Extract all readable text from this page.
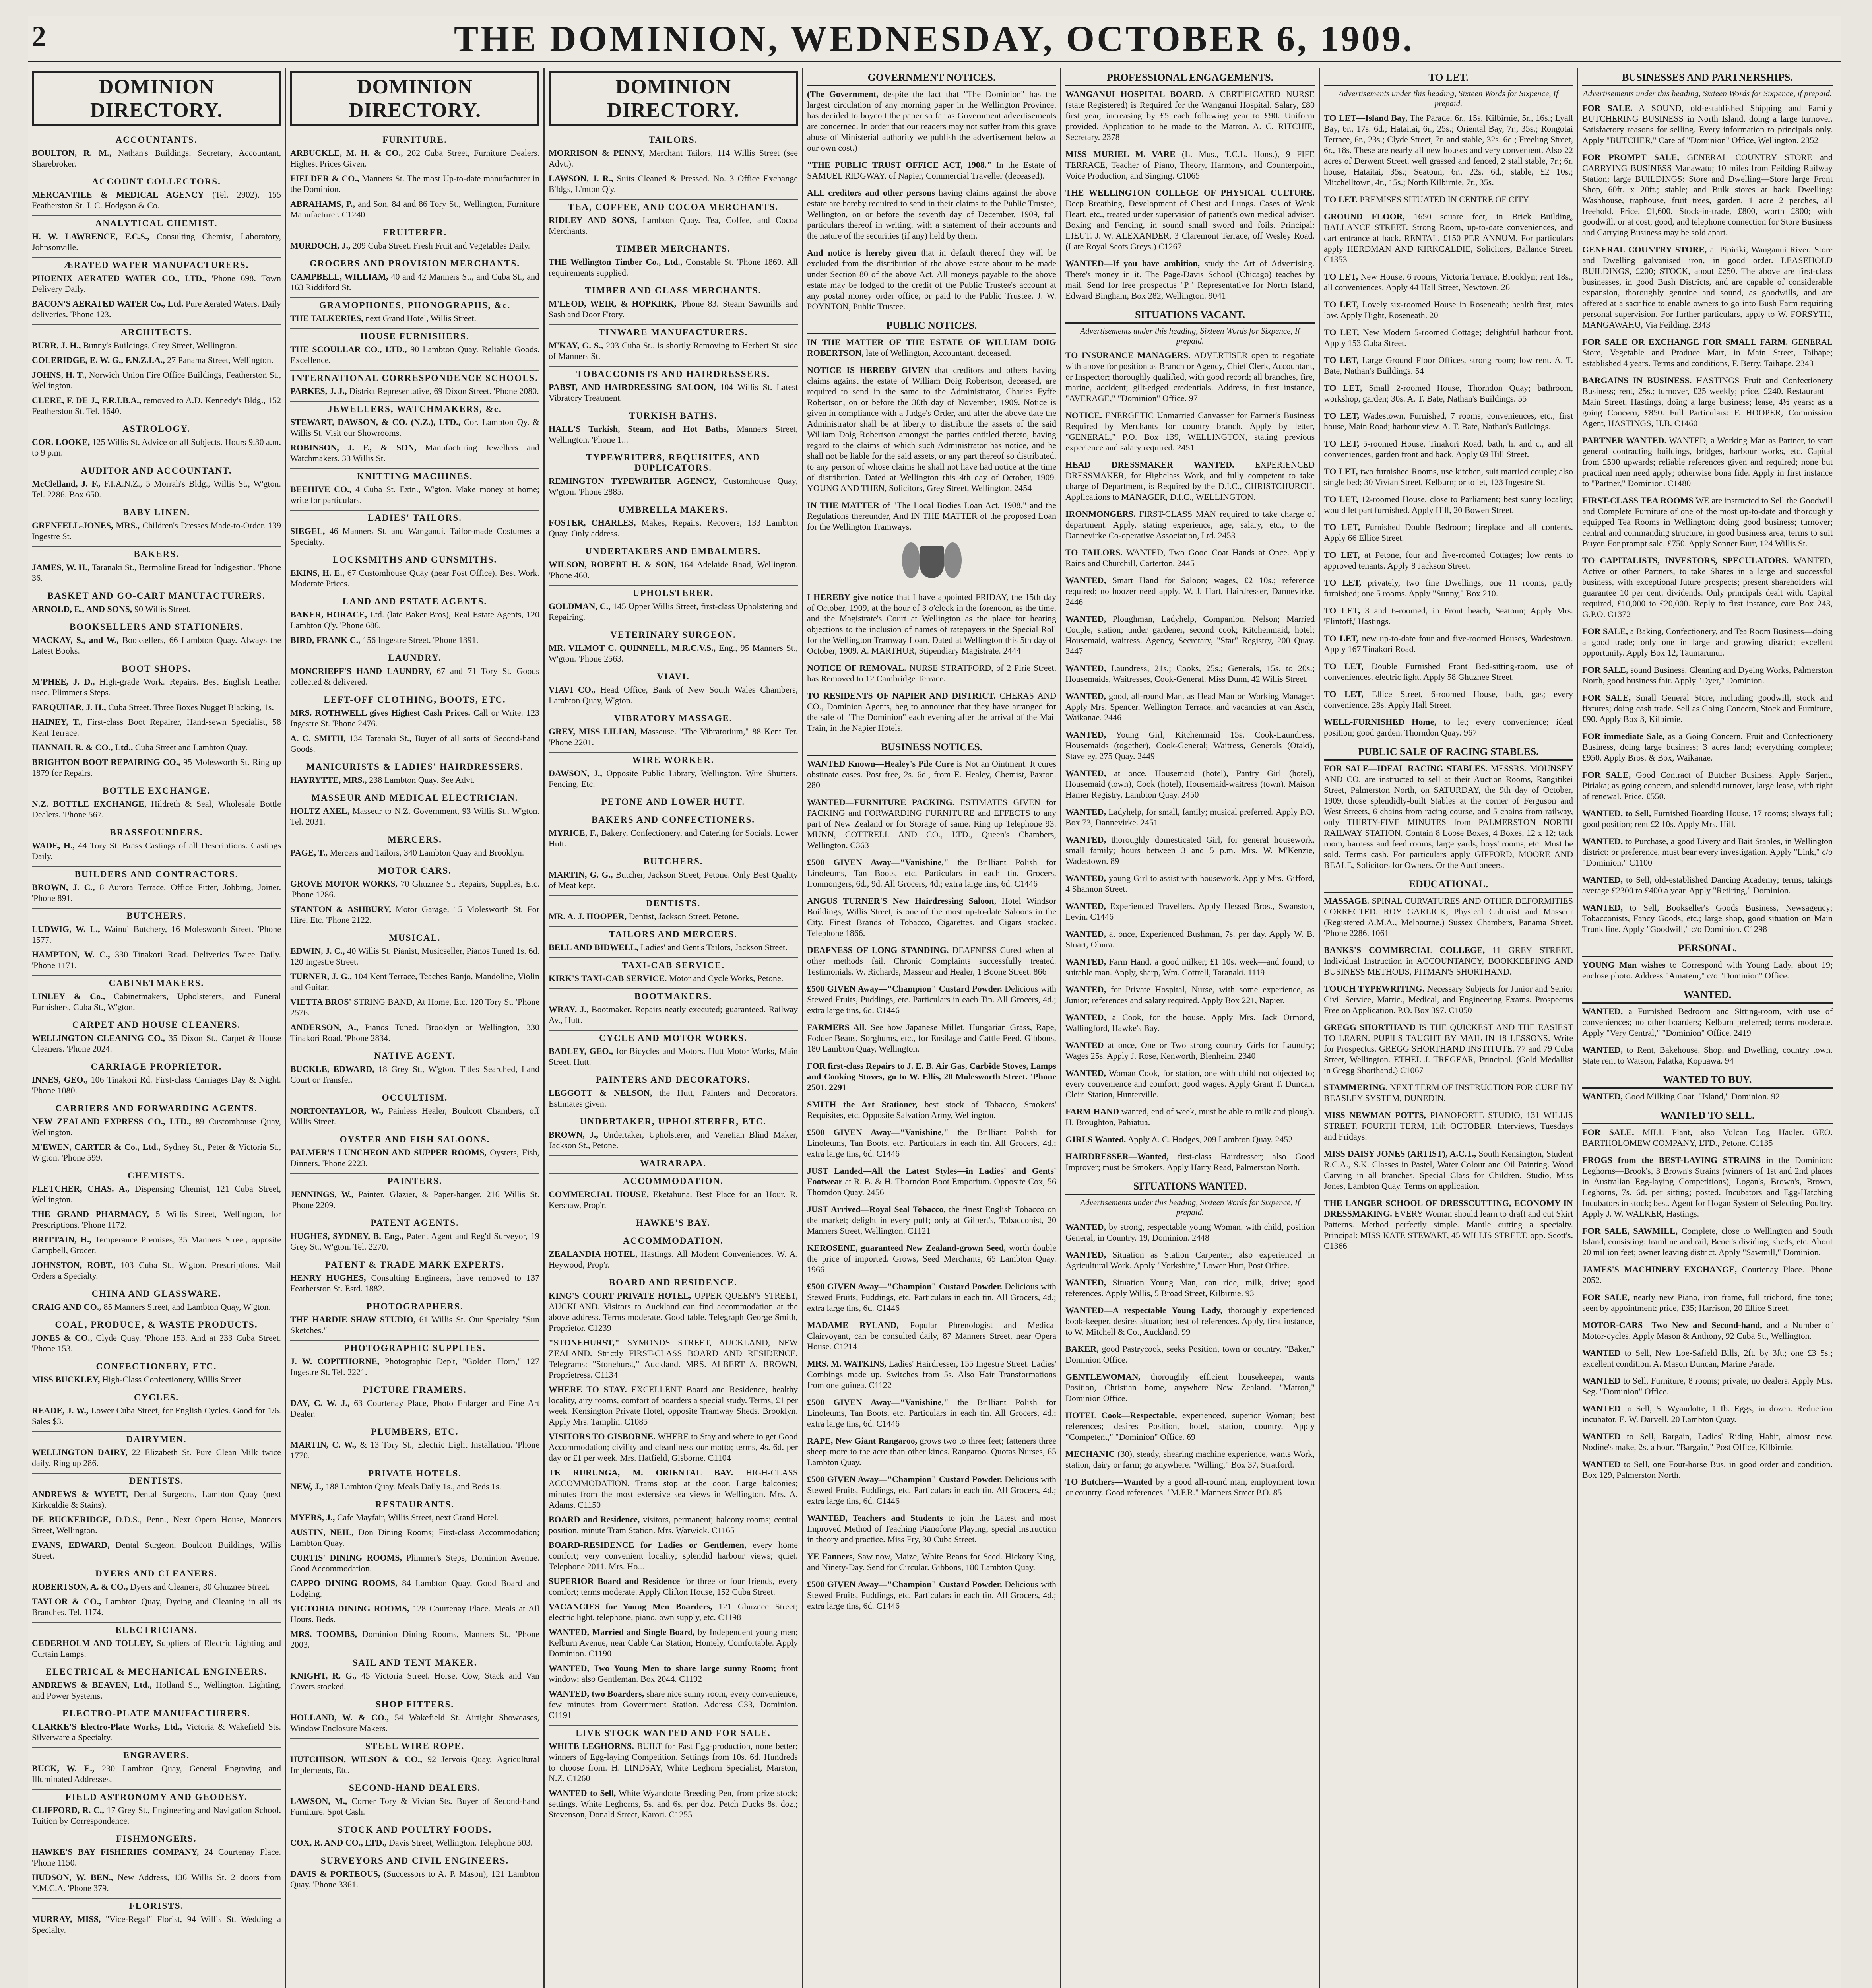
2	THE DOMINION, WEDNESDAY, OCTOBER 6, 1909.
DOMINION DIRECTORY.
ACCOUNTANTS.
BOULTON, R. M., Nathan's Buildings, Secretary, Accountant, Sharebroker.
ACCOUNT COLLECTORS.
MERCANTILE & MEDICAL AGENCY (Tel. 2902), 155 Featherston St. J. C. Hodgson & Co.
ANALYTICAL CHEMIST.
H. W. LAWRENCE, F.C.S., Consulting Chemist, Laboratory, Johnsonville.
ÆRATED WATER MANUFACTURERS.
PHOENIX AERATED WATER CO., LTD., 'Phone 698. Town Delivery Daily.
BACON'S AERATED WATER Co., Ltd. Pure Aerated Waters. Daily deliveries. 'Phone 123.
ARCHITECTS.
BURR, J. H., Bunny's Buildings, Grey Street, Wellington.
COLERIDGE, E. W. G., F.N.Z.I.A., 27 Panama Street, Wellington.
JOHNS, H. T., Norwich Union Fire Office Buildings, Featherston St., Wellington.
CLERE, F. DE J., F.R.I.B.A., removed to A.D. Kennedy's Bldg., 152 Featherston St. Tel. 1640.
ASTROLOGY.
COR. LOOKE, 125 Willis St. Advice on all Subjects. Hours 9.30 a.m. to 9 p.m.
AUDITOR AND ACCOUNTANT.
McClelland, J. F., F.I.A.N.Z., 5 Morrah's Bldg., Willis St., W'gton. Tel. 2286. Box 650.
BABY LINEN.
GRENFELL-JONES, MRS., Children's Dresses Made-to-Order. 139 Ingestre St.
BAKERS.
JAMES, W. H., Taranaki St., Bermaline Bread for Indigestion. 'Phone 36.
BASKET AND GO-CART MANUFACTURERS.
ARNOLD, E., AND SONS, 90 Willis Street.
BOOKSELLERS AND STATIONERS.
MACKAY, S., and W., Booksellers, 66 Lambton Quay. Always the Latest Books.
BOOT SHOPS.
M'PHEE, J. D., High-grade Work. Repairs. Best English Leather used. Plimmer's Steps.
FARQUHAR, J. H., Cuba Street. Three Boxes Nugget Blacking, 1s.
HAINEY, T., First-class Boot Repairer, Hand-sewn Specialist, 58 Kent Terrace.
HANNAH, R. & CO., Ltd., Cuba Street and Lambton Quay.
BRIGHTON BOOT REPAIRING CO., 95 Molesworth St. Ring up 1879 for Repairs.
BOTTLE EXCHANGE.
N.Z. BOTTLE EXCHANGE, Hildreth & Seal, Wholesale Bottle Dealers. 'Phone 567.
BRASSFOUNDERS.
WADE, H., 44 Tory St. Brass Castings of all Descriptions. Castings Daily.
BUILDERS AND CONTRACTORS.
BROWN, J. C., 8 Aurora Terrace. Office Fitter, Jobbing, Joiner. 'Phone 891.
BUTCHERS.
LUDWIG, W. L., Wainui Butchery, 16 Molesworth Street. 'Phone 1577.
HAMPTON, W. C., 330 Tinakori Road. Deliveries Twice Daily. 'Phone 1171.
CABINETMAKERS.
LINLEY & Co., Cabinetmakers, Upholsterers, and Funeral Furnishers, Cuba St., W'gton.
CARPET AND HOUSE CLEANERS.
WELLINGTON CLEANING CO., 35 Dixon St., Carpet & House Cleaners. 'Phone 2024.
CARRIAGE PROPRIETOR.
INNES, GEO., 106 Tinakori Rd. First-class Carriages Day & Night. 'Phone 1080.
CARRIERS AND FORWARDING AGENTS.
NEW ZEALAND EXPRESS CO., LTD., 89 Customhouse Quay, Wellington.
M'EWEN, CARTER & Co., Ltd., Sydney St., Peter & Victoria St., W'gton. 'Phone 599.
CHEMISTS.
FLETCHER, CHAS. A., Dispensing Chemist, 121 Cuba Street, Wellington.
THE GRAND PHARMACY, 5 Willis Street, Wellington, for Prescriptions. 'Phone 1172.
BRITTAIN, H., Temperance Premises, 35 Manners Street, opposite Campbell, Grocer.
JOHNSTON, ROBT., 103 Cuba St., W'gton. Prescriptions. Mail Orders a Specialty.
CHINA AND GLASSWARE.
CRAIG AND CO., 85 Manners Street, and Lambton Quay, W'gton.
COAL, PRODUCE, & WASTE PRODUCTS.
JONES & CO., Clyde Quay. 'Phone 153. And at 233 Cuba Street. 'Phone 153.
CONFECTIONERY, ETC.
MISS BUCKLEY, High-Class Confectionery, Willis Street.
CYCLES.
READE, J. W., Lower Cuba Street, for English Cycles. Good for 1/6. Sales $3.
DAIRYMEN.
WELLINGTON DAIRY, 22 Elizabeth St. Pure Clean Milk twice daily. Ring up 286.
DENTISTS.
ANDREWS & WYETT, Dental Surgeons, Lambton Quay (next Kirkcaldie & Stains).
DE BUCKERIDGE, D.D.S., Penn., Next Opera House, Manners Street, Wellington.
EVANS, EDWARD, Dental Surgeon, Boulcott Buildings, Willis Street.
DYERS AND CLEANERS.
ROBERTSON, A. & CO., Dyers and Cleaners, 30 Ghuznee Street.
TAYLOR & CO., Lambton Quay, Dyeing and Cleaning in all its Branches. Tel. 1174.
ELECTRICIANS.
CEDERHOLM AND TOLLEY, Suppliers of Electric Lighting and Curtain Lamps.
ELECTRICAL & MECHANICAL ENGINEERS.
ANDREWS & BEAVEN, Ltd., Holland St., Wellington. Lighting, and Power Systems.
ELECTRO-PLATE MANUFACTURERS.
CLARKE'S Electro-Plate Works, Ltd., Victoria & Wakefield Sts. Silverware a Specialty.
ENGRAVERS.
BUCK, W. E., 230 Lambton Quay, General Engraving and Illuminated Addresses.
FIELD ASTRONOMY AND GEODESY.
CLIFFORD, R. C., 17 Grey St., Engineering and Navigation School. Tuition by Correspondence.
FISHMONGERS.
HAWKE'S BAY FISHERIES COMPANY, 24 Courtenay Place. 'Phone 1150.
HUDSON, W. BEN., New Address, 136 Willis St. 2 doors from Y.M.C.A. 'Phone 379.
FLORISTS.
MURRAY, MISS, "Vice-Regal" Florist, 94 Willis St. Wedding a Specialty.
DOMINION DIRECTORY.
FURNITURE.
ARBUCKLE, M. H. & CO., 202 Cuba Street, Furniture Dealers. Highest Prices Given.
FIELDER & CO., Manners St. The most Up-to-date manufacturer in the Dominion.
ABRAHAMS, P., and Son, 84 and 86 Tory St., Wellington, Furniture Manufacturer. C1240
FRUITERER.
MURDOCH, J., 209 Cuba Street. Fresh Fruit and Vegetables Daily.
GROCERS AND PROVISION MERCHANTS.
CAMPBELL, WILLIAM, 40 and 42 Manners St., and Cuba St., and 163 Riddiford St.
GRAMOPHONES, PHONOGRAPHS, &c.
THE TALKERIES, next Grand Hotel, Willis Street.
HOUSE FURNISHERS.
THE SCOULLAR CO., LTD., 90 Lambton Quay. Reliable Goods. Excellence.
INTERNATIONAL CORRESPONDENCE SCHOOLS.
PARKES, J. J., District Representative, 69 Dixon Street. 'Phone 2080.
JEWELLERS, WATCHMAKERS, &c.
STEWART, DAWSON, & CO. (N.Z.), LTD., Cor. Lambton Qy. & Willis St. Visit our Showrooms.
ROBINSON, J. F., & SON, Manufacturing Jewellers and Watchmakers. 33 Willis St.
KNITTING MACHINES.
BEEHIVE CO., 4 Cuba St. Extn., W'gton. Make money at home; write for particulars.
LADIES' TAILORS.
SIEGEL, 46 Manners St. and Wanganui. Tailor-made Costumes a Specialty.
LOCKSMITHS AND GUNSMITHS.
EKINS, H. E., 67 Customhouse Quay (near Post Office). Best Work. Moderate Prices.
LAND AND ESTATE AGENTS.
BAKER, HORACE, Ltd. (late Baker Bros), Real Estate Agents, 120 Lambton Q'y. 'Phone 686.
BIRD, FRANK C., 156 Ingestre Street. 'Phone 1391.
LAUNDRY.
MONCRIEFF'S HAND LAUNDRY, 67 and 71 Tory St. Goods collected & delivered.
LEFT-OFF CLOTHING, BOOTS, ETC.
MRS. ROTHWELL gives Highest Cash Prices. Call or Write. 123 Ingestre St. 'Phone 2476.
A. C. SMITH, 134 Taranaki St., Buyer of all sorts of Second-hand Goods.
MANICURISTS & LADIES' HAIRDRESSERS.
HAYRYTTE, MRS., 238 Lambton Quay. See Advt.
MASSEUR AND MEDICAL ELECTRICIAN.
HOLTZ AXEL, Masseur to N.Z. Government, 93 Willis St., W'gton. Tel. 2031.
MERCERS.
PAGE, T., Mercers and Tailors, 340 Lambton Quay and Brooklyn.
MOTOR CARS.
GROVE MOTOR WORKS, 70 Ghuznee St. Repairs, Supplies, Etc. 'Phone 1286.
STANTON & ASHBURY, Motor Garage, 15 Molesworth St. For Hire, Etc. 'Phone 2122.
MUSICAL.
EDWIN, J. C., 40 Willis St. Pianist, Musicseller, Pianos Tuned 1s. 6d. 120 Ingestre Street.
TURNER, J. G., 104 Kent Terrace, Teaches Banjo, Mandoline, Violin and Guitar.
VIETTA BROS' STRING BAND, At Home, Etc. 120 Tory St. 'Phone 2576.
ANDERSON, A., Pianos Tuned. Brooklyn or Wellington, 330 Tinakori Road. 'Phone 2834.
NATIVE AGENT.
BUCKLE, EDWARD, 18 Grey St., W'gton. Titles Searched, Land Court or Transfer.
OCCULTISM.
NORTONTAYLOR, W., Painless Healer, Boulcott Chambers, off Willis Street.
OYSTER AND FISH SALOONS.
PALMER'S LUNCHEON AND SUPPER ROOMS, Oysters, Fish, Dinners. 'Phone 2223.
PAINTERS.
JENNINGS, W., Painter, Glazier, & Paper-hanger, 216 Willis St. 'Phone 2209.
PATENT AGENTS.
HUGHES, SYDNEY, B. Eng., Patent Agent and Reg'd Surveyor, 19 Grey St., W'gton. Tel. 2270.
PATENT & TRADE MARK EXPERTS.
HENRY HUGHES, Consulting Engineers, have removed to 137 Featherston St. Estd. 1882.
PHOTOGRAPHERS.
THE HARDIE SHAW STUDIO, 61 Willis St. Our Specialty "Sun Sketches."
PHOTOGRAPHIC SUPPLIES.
J. W. COPITHORNE, Photographic Dep't, "Golden Horn," 127 Ingestre St. Tel. 2221.
PICTURE FRAMERS.
DAY, C. W. J., 63 Courtenay Place, Photo Enlarger and Fine Art Dealer.
PLUMBERS, ETC.
MARTIN, C. W., & 13 Tory St., Electric Light Installation. 'Phone 1770.
PRIVATE HOTELS.
NEW, J., 188 Lambton Quay. Meals Daily 1s., and Beds 1s.
RESTAURANTS.
MYERS, J., Cafe Mayfair, Willis Street, next Grand Hotel.
AUSTIN, NEIL, Don Dining Rooms; First-class Accommodation; Lambton Quay.
CURTIS' DINING ROOMS, Plimmer's Steps, Dominion Avenue. Good Accommodation.
CAPPO DINING ROOMS, 84 Lambton Quay. Good Board and Lodging.
VICTORIA DINING ROOMS, 128 Courtenay Place. Meals at All Hours. Beds.
MRS. TOOMBS, Dominion Dining Rooms, Manners St., 'Phone 2003.
SAIL AND TENT MAKER.
KNIGHT, R. G., 45 Victoria Street. Horse, Cow, Stack and Van Covers stocked.
SHOP FITTERS.
HOLLAND, W. & CO., 54 Wakefield St. Airtight Showcases, Window Enclosure Makers.
STEEL WIRE ROPE.
HUTCHISON, WILSON & CO., 92 Jervois Quay, Agricultural Implements, Etc.
SECOND-HAND DEALERS.
LAWSON, M., Corner Tory & Vivian Sts. Buyer of Second-hand Furniture. Spot Cash.
STOCK AND POULTRY FOODS.
COX, R. AND CO., LTD., Davis Street, Wellington. Telephone 503.
SURVEYORS AND CIVIL ENGINEERS.
DAVIS & PORTEOUS, (Successors to A. P. Mason), 121 Lambton Quay. 'Phone 3361.
DOMINION DIRECTORY.
TAILORS.
MORRISON & PENNY, Merchant Tailors, 114 Willis Street (see Advt.).
LAWSON, J. R., Suits Cleaned & Pressed. No. 3 Office Exchange B'ldgs, L'mton Q'y.
TEA, COFFEE, AND COCOA MERCHANTS.
RIDLEY AND SONS, Lambton Quay. Tea, Coffee, and Cocoa Merchants.
TIMBER MERCHANTS.
THE Wellington Timber Co., Ltd., Constable St. 'Phone 1869. All requirements supplied.
TIMBER AND GLASS MERCHANTS.
M'LEOD, WEIR, & HOPKIRK, 'Phone 83. Steam Sawmills and Sash and Door F'tory.
TINWARE MANUFACTURERS.
M'KAY, G. S., 203 Cuba St., is shortly Removing to Herbert St. side of Manners St.
TOBACCONISTS AND HAIRDRESSERS.
PABST, AND HAIRDRESSING SALOON, 104 Willis St. Latest Vibratory Treatment.
TURKISH BATHS.
HALL'S Turkish, Steam, and Hot Baths, Manners Street, Wellington. 'Phone 1...
TYPEWRITERS, REQUISITES, AND DUPLICATORS.
REMINGTON TYPEWRITER AGENCY, Customhouse Quay, W'gton. 'Phone 2885.
UMBRELLA MAKERS.
FOSTER, CHARLES, Makes, Repairs, Recovers, 133 Lambton Quay. Only address.
UNDERTAKERS AND EMBALMERS.
WILSON, ROBERT H. & SON, 164 Adelaide Road, Wellington. 'Phone 460.
UPHOLSTERER.
GOLDMAN, C., 145 Upper Willis Street, first-class Upholstering and Repairing.
VETERINARY SURGEON.
MR. VILMOT C. QUINNELL, M.R.C.V.S., Eng., 95 Manners St., W'gton. 'Phone 2563.
VIAVI.
VIAVI CO., Head Office, Bank of New South Wales Chambers, Lambton Quay, W'gton.
VIBRATORY MASSAGE.
GREY, MISS LILIAN, Masseuse. "The Vibratorium," 88 Kent Ter. 'Phone 2201.
WIRE WORKER.
DAWSON, J., Opposite Public Library, Wellington. Wire Shutters, Fencing, Etc.
PETONE AND LOWER HUTT.
BAKERS AND CONFECTIONERS.
MYRICE, F., Bakery, Confectionery, and Catering for Socials. Lower Hutt.
BUTCHERS.
MARTIN, G. G., Butcher, Jackson Street, Petone. Only Best Quality of Meat kept.
DENTISTS.
MR. A. J. HOOPER, Dentist, Jackson Street, Petone.
TAILORS AND MERCERS.
BELL AND BIDWELL, Ladies' and Gent's Tailors, Jackson Street.
TAXI-CAB SERVICE.
KIRK'S TAXI-CAB SERVICE. Motor and Cycle Works, Petone.
BOOTMAKERS.
WRAY, J., Bootmaker. Repairs neatly executed; guaranteed. Railway Av., Hutt.
CYCLE AND MOTOR WORKS.
BADLEY, GEO., for Bicycles and Motors. Hutt Motor Works, Main Street, Hutt.
PAINTERS AND DECORATORS.
LEGGOTT & NELSON, the Hutt, Painters and Decorators. Estimates given.
UNDERTAKER, UPHOLSTERER, ETC.
BROWN, J., Undertaker, Upholsterer, and Venetian Blind Maker, Jackson St., Petone.
WAIRARAPA.
ACCOMMODATION.
COMMERCIAL HOUSE, Eketahuna. Best Place for an Hour. R. Kershaw, Prop'r.
HAWKE'S BAY.
ACCOMMODATION.
ZEALANDIA HOTEL, Hastings. All Modern Conveniences. W. A. Heywood, Prop'r.
BOARD AND RESIDENCE.
KING'S COURT PRIVATE HOTEL, UPPER QUEEN'S STREET, AUCKLAND. Visitors to Auckland can find accommodation at the above address. Terms moderate. Good table. Telegraph George Smith, Proprietor. C1239
"STONEHURST," SYMONDS STREET, AUCKLAND, NEW ZEALAND. Strictly FIRST-CLASS BOARD AND RESIDENCE. Telegrams: "Stonehurst," Auckland. MRS. ALBERT A. BROWN, Proprietress. C1134
WHERE TO STAY. EXCELLENT Board and Residence, healthy locality, airy rooms, comfort of boarders a special study. Terms, £1 per week. Kensington Private Hotel, opposite Tramway Sheds. Brooklyn. Apply Mrs. Tamplin. C1085
VISITORS TO GISBORNE. WHERE to Stay and where to get Good Accommodation; civility and cleanliness our motto; terms, 4s. 6d. per day or £1 per week. Mrs. Hatfield, Gisborne. C1104
TE RURUNGA, M. ORIENTAL BAY. HIGH-CLASS ACCOMMODATION. Trams stop at the door. Large balconies; minutes from the most extensive sea views in Wellington. Mrs. A. Adams. C1150
BOARD and Residence, visitors, permanent; balcony rooms; central position, minute Tram Station. Mrs. Warwick. C1165
BOARD-RESIDENCE for Ladies or Gentlemen, every home comfort; very convenient locality; splendid harbour views; quiet. Telephone 2011. Mrs. Ho...
SUPERIOR Board and Residence for three or four friends, every comfort; terms moderate. Apply Clifton House, 152 Cuba Street.
VACANCIES for Young Men Boarders, 121 Ghuznee Street; electric light, telephone, piano, own supply, etc. C1198
WANTED, Married and Single Board, by Independent young men; Kelburn Avenue, near Cable Car Station; Homely, Comfortable. Apply Dominion. C1190
WANTED, Two Young Men to share large sunny Room; front window; also Gentleman. Box 2044. C1192
WANTED, two Boarders, share nice sunny room, every convenience, few minutes from Government Station. Address C33, Dominion. C1191
LIVE STOCK WANTED AND FOR SALE.
WHITE LEGHORNS. BUILT for Fast Egg-production, none better; winners of Egg-laying Competition. Settings from 10s. 6d. Hundreds to choose from. H. LINDSAY, White Leghorn Specialist, Marston, N.Z. C1260
WANTED to Sell, White Wyandotte Breeding Pen, from prize stock; settings, White Leghorns, 5s. and 6s. per doz. Petch Ducks 8s. doz.; Stevenson, Donald Street, Karori. C1255
GOVERNMENT NOTICES.
(The Government, despite the fact that "The Dominion" has the largest circulation of any morning paper in the Wellington Province, has decided to boycott the paper so far as Government advertisements are concerned. In order that our readers may not suffer from this grave abuse of Ministerial authority we publish the advertisement below at our own cost.)
"THE PUBLIC TRUST OFFICE ACT, 1908." In the Estate of SAMUEL RIDGWAY, of Napier, Commercial Traveller (deceased).
ALL creditors and other persons having claims against the above estate are hereby required to send in their claims to the Public Trustee, Wellington, on or before the seventh day of December, 1909, full particulars thereof in writing, with a statement of their accounts and the nature of the securities (if any) held by them.
And notice is hereby given that in default thereof they will be excluded from the distribution of the above estate about to be made under Section 80 of the above Act. All moneys payable to the above estate may be lodged to the credit of the Public Trustee's account at any postal money order office, or paid to the Public Trustee. J. W. POYNTON, Public Trustee.
PUBLIC NOTICES.
IN THE MATTER OF THE ESTATE OF WILLIAM DOIG ROBERTSON, late of Wellington, Accountant, deceased.
NOTICE IS HEREBY GIVEN that creditors and others having claims against the estate of William Doig Robertson, deceased, are required to send in the same to the Administrator, Charles Fyffe Robertson, on or before the 30th day of November, 1909. Notice is given in compliance with a Judge's Order, and after the above date the Administrator shall be at liberty to distribute the assets of the said William Doig Robertson amongst the parties entitled thereto, having regard to the claims of which such Administrator has notice, and he shall not be liable for the said assets, or any part thereof so distributed, to any person of whose claims he shall not have had notice at the time of distribution. Dated at Wellington this 4th day of October, 1909. YOUNG AND THEN, Solicitors, Grey Street, Wellington. 2454
IN THE MATTER of "The Local Bodies Loan Act, 1908," and the Regulations thereunder, And IN THE MATTER of the proposed Loan for the Wellington Tramways.
I HEREBY give notice that I have appointed FRIDAY, the 15th day of October, 1909, at the hour of 3 o'clock in the forenoon, as the time, and the Magistrate's Court at Wellington as the place for hearing objections to the inclusion of names of ratepayers in the Special Roll for the Wellington Tramway Loan. Dated at Wellington this 5th day of October, 1909. A. MARTHUR, Stipendiary Magistrate. 2444
NOTICE OF REMOVAL. NURSE STRATFORD, of 2 Pirie Street, has Removed to 12 Cambridge Terrace.
TO RESIDENTS OF NAPIER AND DISTRICT. CHERAS AND CO., Dominion Agents, beg to announce that they have arranged for the sale of "The Dominion" each evening after the arrival of the Mail Train, in the Napier Hotels.
BUSINESS NOTICES.
WANTED Known—Healey's Pile Cure is Not an Ointment. It cures obstinate cases. Post free, 2s. 6d., from E. Healey, Chemist, Paxton. 280
WANTED—FURNITURE PACKING. ESTIMATES GIVEN for PACKING and FORWARDING FURNITURE and EFFECTS to any part of New Zealand or for Storage of same. Ring up Telephone 93. MUNN, COTTRELL AND CO., LTD., Queen's Chambers, Wellington. C363
£500 GIVEN Away—"Vanishine," the Brilliant Polish for Linoleums, Tan Boots, etc. Particulars in each tin. Grocers, Ironmongers, 6d., 9d. All Grocers, 4d.; extra large tins, 6d. C1446
ANGUS TURNER'S New Hairdressing Saloon, Hotel Windsor Buildings, Willis Street, is one of the most up-to-date Saloons in the City. Finest Brands of Tobacco, Cigarettes, and Cigars stocked. Telephone 1866.
DEAFNESS OF LONG STANDING. DEAFNESS Cured when all other methods fail. Chronic Complaints successfully treated. Testimonials. W. Richards, Masseur and Healer, 1 Boone Street. 866
£500 GIVEN Away—"Champion" Custard Powder. Delicious with Stewed Fruits, Puddings, etc. Particulars in each Tin. All Grocers, 4d.; extra large tins, 6d. C1446
FARMERS All. See how Japanese Millet, Hungarian Grass, Rape, Fodder Beans, Sorghums, etc., for Ensilage and Cattle Feed. Gibbons, 180 Lambton Quay, Wellington.
FOR first-class Repairs to J. E. B. Air Gas, Carbide Stoves, Lamps and Cooking Stoves, go to W. Ellis, 20 Molesworth Street. 'Phone 2501. 2291
SMITH the Art Stationer, best stock of Tobacco, Smokers' Requisites, etc. Opposite Salvation Army, Wellington.
£500 GIVEN Away—"Vanishine," the Brilliant Polish for Linoleums, Tan Boots, etc. Particulars in each tin. All Grocers, 4d.; extra large tins, 6d. C1446
JUST Landed—All the Latest Styles—in Ladies' and Gents' Footwear at R. B. & H. Thorndon Boot Emporium. Opposite Cox, 56 Thorndon Quay. 2456
JUST Arrived—Royal Seal Tobacco, the finest English Tobacco on the market; delight in every puff; only at Gilbert's, Tobacconist, 20 Manners Street, Wellington. C1121
KEROSENE, guaranteed New Zealand-grown Seed, worth double the price of imported. Grows, Seed Merchants, 65 Lambton Quay. 1966
£500 GIVEN Away—"Champion" Custard Powder. Delicious with Stewed Fruits, Puddings, etc. Particulars in each tin. All Grocers, 4d.; extra large tins, 6d. C1446
MADAME RYLAND, Popular Phrenologist and Medical Clairvoyant, can be consulted daily, 87 Manners Street, near Opera House. C1214
MRS. M. WATKINS, Ladies' Hairdresser, 155 Ingestre Street. Ladies' Combings made up. Switches from 5s. Also Hair Transformations from one guinea. C1122
£500 GIVEN Away—"Vanishine," the Brilliant Polish for Linoleums, Tan Boots, etc. Particulars in each tin. All Grocers, 4d.; extra large tins, 6d. C1446
RAPE, New Giant Rangaroo, grows two to three feet; fatteners three sheep more to the acre than other kinds. Rangaroo. Quotas Nurses, 65 Lambton Quay.
£500 GIVEN Away—"Champion" Custard Powder. Delicious with Stewed Fruits, Puddings, etc. Particulars in each tin. All Grocers, 4d.; extra large tins, 6d. C1446
WANTED, Teachers and Students to join the Latest and most Improved Method of Teaching Pianoforte Playing; special instruction in theory and practice. Miss Fry, 30 Cuba Street.
YE Fanners, Saw now, Maize, White Beans for Seed. Hickory King, and Ninety-Day. Send for Circular. Gibbons, 180 Lambton Quay.
£500 GIVEN Away—"Champion" Custard Powder. Delicious with Stewed Fruits, Puddings, etc. Particulars in each tin. All Grocers, 4d.; extra large tins, 6d. C1446
PROFESSIONAL ENGAGEMENTS.
WANGANUI HOSPITAL BOARD. A CERTIFICATED NURSE (state Registered) is Required for the Wanganui Hospital. Salary, £80 first year, increasing by £5 each following year to £90. Uniform provided. Application to be made to the Matron. A. C. RITCHIE, Secretary. 2378
MISS MURIEL M. VARE (L. Mus., T.C.L. Hons.), 9 FIFE TERRACE, Teacher of Piano, Theory, Harmony, and Counterpoint, Voice Production, and Singing. C1065
THE WELLINGTON COLLEGE OF PHYSICAL CULTURE. Deep Breathing, Development of Chest and Lungs. Cases of Weak Heart, etc., treated under supervision of patient's own medical adviser. Boxing and Fencing, in sound small sword and foils. Principal: LIEUT. J. W. ALEXANDER, 3 Claremont Terrace, off Wesley Road. (Late Royal Scots Greys.) C1267
WANTED—If you have ambition, study the Art of Advertising. There's money in it. The Page-Davis School (Chicago) teaches by mail. Send for free prospectus "P." Representative for North Island, Edward Bingham, Box 282, Wellington. 9041
SITUATIONS VACANT.
Advertisements under this heading, Sixteen Words for Sixpence, If prepaid.
TO INSURANCE MANAGERS. ADVERTISER open to negotiate with above for position as Branch or Agency, Chief Clerk, Accountant, or Inspector; thoroughly qualified, with good record; all branches, fire, marine, accident; gilt-edged credentials. Address, in first instance, "AVERAGE," "Dominion" Office. 97
NOTICE. ENERGETIC Unmarried Canvasser for Farmer's Business Required by Merchants for country branch. Apply by letter, "GENERAL," P.O. Box 139, WELLINGTON, stating previous experience and salary required. 2451
HEAD DRESSMAKER WANTED. EXPERIENCED DRESSMAKER, for Highclass Work, and fully competent to take charge of Department, is Required by the D.I.C., CHRISTCHURCH. Applications to MANAGER, D.I.C., WELLINGTON.
IRONMONGERS. FIRST-CLASS MAN required to take charge of department. Apply, stating experience, age, salary, etc., to the Dannevirke Co-operative Association, Ltd. 2453
TO TAILORS. WANTED, Two Good Coat Hands at Once. Apply Rains and Churchill, Carterton. 2445
WANTED, Smart Hand for Saloon; wages, £2 10s.; reference required; no boozer need apply. W. J. Hart, Hairdresser, Dannevirke. 2446
WANTED, Ploughman, Ladyhelp, Companion, Nelson; Married Couple, station; under gardener, second cook; Kitchenmaid, hotel; Housemaid, waitress. Agency, Secretary, "Star" Registry, 200 Quay. 2447
WANTED, Laundress, 21s.; Cooks, 25s.; Generals, 15s. to 20s.; Housemaids, Waitresses, Cook-General. Miss Dunn, 42 Willis Street.
WANTED, good, all-round Man, as Head Man on Working Manager. Apply Mrs. Spencer, Wellington Terrace, and vacancies at van Asch, Waikanae. 2446
WANTED, Young Girl, Kitchenmaid 15s. Cook-Laundress, Housemaids (together), Cook-General; Waitress, Generals (Otaki), Staveley, 275 Quay. 2449
WANTED, at once, Housemaid (hotel), Pantry Girl (hotel), Housemaid (town), Cook (hotel), Housemaid-waitress (town). Maison Hamer Registry, Lambton Quay. 2450
WANTED, Ladyhelp, for small, family; musical preferred. Apply P.O. Box 73, Dannevirke. 2451
WANTED, thoroughly domesticated Girl, for general housework, small family; hours between 3 and 5 p.m. Mrs. W. M'Kenzie, Wadestown. 89
WANTED, young Girl to assist with housework. Apply Mrs. Gifford, 4 Shannon Street.
WANTED, Experienced Travellers. Apply Hessed Bros., Swanston, Levin. C1446
WANTED, at once, Experienced Bushman, 7s. per day. Apply W. B. Stuart, Ohura.
WANTED, Farm Hand, a good milker; £1 10s. week—and found; to suitable man. Apply, sharp, Wm. Cottrell, Taranaki. 1119
WANTED, for Private Hospital, Nurse, with some experience, as Junior; references and salary required. Apply Box 221, Napier.
WANTED, a Cook, for the house. Apply Mrs. Jack Ormond, Wallingford, Hawke's Bay.
WANTED at once, One or Two strong country Girls for Laundry; Wages 25s. Apply J. Rose, Kenworth, Blenheim. 2340
WANTED, Woman Cook, for station, one with child not objected to; every convenience and comfort; good wages. Apply Grant T. Duncan, Cleiri Station, Hunterville.
FARM HAND wanted, end of week, must be able to milk and plough. H. Broughton, Pahiatua.
GIRLS Wanted. Apply A. C. Hodges, 209 Lambton Quay. 2452
HAIRDRESSER—Wanted, first-class Hairdresser; also Good Improver; must be Smokers. Apply Harry Read, Palmerston North.
SITUATIONS WANTED.
Advertisements under this heading, Sixteen Words for Sixpence, If prepaid.
WANTED, by strong, respectable young Woman, with child, position General, in Country. 19, Dominion. 2448
WANTED, Situation as Station Carpenter; also experienced in Agricultural Work. Apply "Yorkshire," Lower Hutt, Post Office.
WANTED, Situation Young Man, can ride, milk, drive; good references. Apply Willis, 5 Broad Street, Kilbirnie. 93
WANTED—A respectable Young Lady, thoroughly experienced book-keeper, desires situation; best of references. Apply, first instance, to W. Mitchell & Co., Auckland. 99
BAKER, good Pastrycook, seeks Position, town or country. "Baker," Dominion Office.
GENTLEWOMAN, thoroughly efficient housekeeper, wants Position, Christian home, anywhere New Zealand. "Matron," Dominion Office.
HOTEL Cook—Respectable, experienced, superior Woman; best references; desires Position, hotel, station, country. Apply "Competent," "Dominion" Office. 69
MECHANIC (30), steady, shearing machine experience, wants Work, station, dairy or farm; go anywhere. "Willing," Box 37, Stratford.
TO Butchers—Wanted by a good all-round man, employment town or country. Good references. "M.F.R." Manners Street P.O. 85
TO LET.
Advertisements under this heading, Sixteen Words for Sixpence, If prepaid.
TO LET—Island Bay, The Parade, 6r., 15s. Kilbirnie, 5r., 16s.; Lyall Bay, 6r., 17s. 6d.; Hataitai, 6r., 25s.; Oriental Bay, 7r., 35s.; Rongotai Terrace, 6r., 23s.; Clyde Street, 7r. and stable, 32s. 6d.; Freeling Street, 6r., 18s. These are nearly all new houses and very convenient. Also 22 acres of Derwent Street, well grassed and fenced, 2 stall stable, 7r.; 6r. house, Hataitai, 35s.; Seatoun, 6r., 22s. 6d.; stable, £2 10s.; Mitchelltown, 4r., 15s.; North Kilbirnie, 7r., 35s.
TO LET. PREMISES SITUATED IN CENTRE OF CITY.
GROUND FLOOR, 1650 square feet, in Brick Building, BALLANCE STREET. Strong Room, up-to-date conveniences, and cart entrance at back. RENTAL, £150 PER ANNUM. For particulars apply HERDMAN AND KIRKCALDIE, Solicitors, Ballance Street. C1353
TO LET, New House, 6 rooms, Victoria Terrace, Brooklyn; rent 18s., all conveniences. Apply 44 Hall Street, Newtown. 26
TO LET, Lovely six-roomed House in Roseneath; health first, rates low. Apply Hight, Roseneath. 20
TO LET, New Modern 5-roomed Cottage; delightful harbour front. Apply 153 Cuba Street.
TO LET, Large Ground Floor Offices, strong room; low rent. A. T. Bate, Nathan's Buildings. 54
TO LET, Small 2-roomed House, Thorndon Quay; bathroom, workshop, garden; 30s. A. T. Bate, Nathan's Buildings. 55
TO LET, Wadestown, Furnished, 7 rooms; conveniences, etc.; first house, Main Road; harbour view. A. T. Bate, Nathan's Buildings.
TO LET, 5-roomed House, Tinakori Road, bath, h. and c., and all conveniences, garden front and back. Apply 69 Hill Street.
TO LET, two furnished Rooms, use kitchen, suit married couple; also single bed; 30 Vivian Street, Kelburn; or to let, 123 Ingestre St.
TO LET, 12-roomed House, close to Parliament; best sunny locality; would let part furnished. Apply Hill, 20 Bowen Street.
TO LET, Furnished Double Bedroom; fireplace and all contents. Apply 66 Ellice Street.
TO LET, at Petone, four and five-roomed Cottages; low rents to approved tenants. Apply 8 Jackson Street.
TO LET, privately, two fine Dwellings, one 11 rooms, partly furnished; one 5 rooms. Apply "Sunny," Box 210.
TO LET, 3 and 6-roomed, in Front beach, Seatoun; Apply Mrs. 'Flintoff,' Hastings.
TO LET, new up-to-date four and five-roomed Houses, Wadestown. Apply 167 Tinakori Road.
TO LET, Double Furnished Front Bed-sitting-room, use of conveniences, electric light. Apply 58 Ghuznee Street.
TO LET, Ellice Street, 6-roomed House, bath, gas; every convenience. 28s. Apply Hall Street.
WELL-FURNISHED Home, to let; every convenience; ideal position; good garden. Thorndon Quay. 967
PUBLIC SALE OF RACING STABLES.
FOR SALE—IDEAL RACING STABLES. MESSRS. MOUNSEY AND CO. are instructed to sell at their Auction Rooms, Rangitikei Street, Palmerston North, on SATURDAY, the 9th day of October, 1909, those splendidly-built Stables at the corner of Ferguson and West Streets, 6 chains from racing course, and 5 chains from railway, only THIRTY-FIVE MINUTES from PALMERSTON NORTH RAILWAY STATION. Contain 8 Loose Boxes, 4 Boxes, 12 x 12; tack room, harness and feed rooms, large yards, boys' rooms, etc. Must be sold. Terms cash. For particulars apply GIFFORD, MOORE AND BEALE, Solicitors for Owners. Or the Auctioneers.
EDUCATIONAL.
MASSAGE. SPINAL CURVATURES AND OTHER DEFORMITIES CORRECTED. ROY GARLICK, Physical Culturist and Masseur (Registered A.M.A., Melbourne.) Sussex Chambers, Panama Street. 'Phone 2286. 1061
BANKS'S COMMERCIAL COLLEGE, 11 GREY STREET. Individual Instruction in ACCOUNTANCY, BOOKKEEPING AND BUSINESS METHODS, PITMAN'S SHORTHAND.
TOUCH TYPEWRITING. Necessary Subjects for Junior and Senior Civil Service, Matric., Medical, and Engineering Exams. Prospectus Free on Application. P.O. Box 397. C1050
GREGG SHORTHAND IS THE QUICKEST AND THE EASIEST TO LEARN. PUPILS TAUGHT BY MAIL IN 18 LESSONS. Write for Prospectus. GREGG SHORTHAND INSTITUTE, 77 and 79 Cuba Street, Wellington. ETHEL J. TREGEAR, Principal. (Gold Medallist in Gregg Shorthand.) C1067
STAMMERING. NEXT TERM OF INSTRUCTION FOR CURE BY BEASLEY SYSTEM, DUNEDIN.
MISS NEWMAN POTTS, PIANOFORTE STUDIO, 131 WILLIS STREET. FOURTH TERM, 11th OCTOBER. Interviews, Tuesdays and Fridays.
MISS DAISY JONES (ARTIST), A.C.T., South Kensington, Student R.C.A., S.K. Classes in Pastel, Water Colour and Oil Painting. Wood Carving in all branches. Special Class for Children. Studio, Miss Jones, Lambton Quay. Terms on application.
THE LANGER SCHOOL OF DRESSCUTTING, ECONOMY IN DRESSMAKING. EVERY Woman should learn to draft and cut Skirt Patterns. Method perfectly simple. Mantle cutting a specialty. Principal: MISS KATE STEWART, 45 WILLIS STREET, opp. Scott's. C1366
BUSINESSES AND PARTNERSHIPS.
Advertisements under this heading, Sixteen Words for Sixpence, if prepaid.
FOR SALE. A SOUND, old-established Shipping and Family BUTCHERING BUSINESS in North Island, doing a large turnover. Satisfactory reasons for selling. Every information to principals only. Apply "BUTCHER," Care of "Dominion" Office, Wellington. 2352
FOR PROMPT SALE, GENERAL COUNTRY STORE and CARRYING BUSINESS Manawatu; 10 miles from Feilding Railway Station; large BUILDINGS: Store and Dwelling—Store large Front Shop, 60ft. x 20ft.; stable; and Bulk stores at back. Dwelling: Washhouse, traphouse, fruit trees, garden, 1 acre 2 perches, all freehold. Price, £1,600. Stock-in-trade, £800, worth £800; with goodwill, or at cost; good, and telephone connection for Store Business and Carrying Business may be sold apart.
GENERAL COUNTRY STORE, at Pipiriki, Wanganui River. Store and Dwelling galvanised iron, in good order. LEASEHOLD BUILDINGS, £200; STOCK, about £250. The above are first-class businesses, in good Bush Districts, and are capable of considerable expansion, thoroughly genuine and sound, as goodwills, and are offered at a sacrifice to enable owners to go into Bush Farm requiring personal supervision. For further particulars, apply to W. FORSYTH, MANGAWAHU, Via Feilding. 2343
FOR SALE OR EXCHANGE FOR SMALL FARM. GENERAL Store, Vegetable and Produce Mart, in Main Street, Taihape; established 4 years. Terms and conditions, F. Berry, Taihape. 2343
BARGAINS IN BUSINESS. HASTINGS Fruit and Confectionery Business; rent, 25s.; turnover, £25 weekly; price, £240. Restaurant—Main Street, Hastings, doing a large business; lease, 4½ years; as a going Concern, £850. Full Particulars: F. HOOPER, Commission Agent, HASTINGS, H.B. C1460
PARTNER WANTED. WANTED, a Working Man as Partner, to start general contracting buildings, bridges, harbour works, etc. Capital from £500 upwards; reliable references given and required; none but practical men need apply; otherwise bona fide. Apply in first instance to "Partner," Dominion. C1480
FIRST-CLASS TEA ROOMS WE are instructed to Sell the Goodwill and Complete Furniture of one of the most up-to-date and thoroughly equipped Tea Rooms in Wellington; doing good business; turnover; central and commanding structure, in good business area; terms to suit Buyer. For prompt sale, £750. Apply Sonner Burr, 124 Willis St.
TO CAPITALISTS, INVESTORS, SPECULATORS. WANTED, Active or other Partners, to take Shares in a large and successful business, with exceptional future prospects; present shareholders will guarantee 10 per cent. dividends. Only principals dealt with. Capital required, £10,000 to £20,000. Reply to first instance, care Box 243, G.P.O. C1372
FOR SALE, a Baking, Confectionery, and Tea Room Business—doing a good trade; only one in large and growing district; excellent opportunity. Apply Box 12, Taumarunui.
FOR SALE, sound Business, Cleaning and Dyeing Works, Palmerston North, good business fair. Apply "Dyer," Dominion.
FOR SALE, Small General Store, including goodwill, stock and fixtures; doing cash trade. Sell as Going Concern, Stock and Furniture, £90. Apply Box 3, Kilbirnie.
FOR immediate Sale, as a Going Concern, Fruit and Confectionery Business, doing large business; 3 acres land; everything complete; £950. Apply Bros. & Box, Waikanae.
FOR SALE, Good Contract of Butcher Business. Apply Sarjent, Piriaka; as going concern, and splendid turnover, large lease, with right of renewal. Price, £550.
WANTED, to Sell, Furnished Boarding House, 17 rooms; always full; good position; rent £2 10s. Apply Mrs. Hill.
WANTED, to Purchase, a good Livery and Bait Stables, in Wellington district; or preference, must bear every investigation. Apply "Link," c/o "Dominion." C1100
WANTED, to Sell, old-established Dancing Academy; terms; takings average £2300 to £400 a year. Apply "Retiring," Dominion.
WANTED, to Sell, Bookseller's Goods Business, Newsagency; Tobacconists, Fancy Goods, etc.; large shop, good situation on Main Trunk line. Apply "Goodwill," c/o Dominion. C1298
PERSONAL.
YOUNG Man wishes to Correspond with Young Lady, about 19; enclose photo. Address "Amateur," c/o "Dominion" Office.
WANTED.
WANTED, a Furnished Bedroom and Sitting-room, with use of conveniences; no other boarders; Kelburn preferred; terms moderate. Apply "Very Central," "Dominion" Office. 2419
WANTED, to Rent, Bakehouse, Shop, and Dwelling, country town. State rent to Watson, Palatka, Kopuawa. 94
WANTED TO BUY.
WANTED, Good Milking Goat. "Island," Dominion. 92
WANTED TO SELL.
FOR SALE. MILL Plant, also Vulcan Log Hauler. GEO. BARTHOLOMEW COMPANY, LTD., Petone. C1135
FROGS from the BEST-LAYING STRAINS in the Dominion: Leghorns—Brook's, 3 Brown's Strains (winners of 1st and 2nd places in Australian Egg-laying Competitions), Logan's, Brown's, Brown, Leghorns, 7s. 6d. per sitting; posted. Incubators and Egg-Hatching Incubators in stock; best. Agent for Hogan System of Selecting Poultry. Apply J. W. WALKER, Hastings.
FOR SALE, SAWMILL, Complete, close to Wellington and South Island, consisting: tramline and rail, Benet's dividing, sheds, etc. About 20 million feet; owner leaving district. Apply "Sawmill," Dominion.
JAMES'S MACHINERY EXCHANGE, Courtenay Place. 'Phone 2052.
FOR SALE, nearly new Piano, iron frame, full trichord, fine tone; seen by appointment; price, £35; Harrison, 20 Ellice Street.
MOTOR-CARS—Two New and Second-hand, and a Number of Motor-cycles. Apply Mason & Anthony, 92 Cuba St., Wellington.
WANTED to Sell, New Loe-Safield Bills, 2ft. by 3ft.; one £3 5s.; excellent condition. A. Mason Duncan, Marine Parade.
WANTED to Sell, Furniture, 8 rooms; private; no dealers. Apply Mrs. Seg. "Dominion" Office.
WANTED to Sell, S. Wyandotte, 1 Ib. Eggs, in dozen. Reduction incubator. E. W. Darvell, 20 Lambton Quay.
WANTED to Sell, Bargain, Ladies' Riding Habit, almost new. Nodine's make, 2s. a hour. "Bargain," Post Office, Kilbirnie.
WANTED to Sell, one Four-horse Bus, in good order and condition. Box 129, Palmerston North.
